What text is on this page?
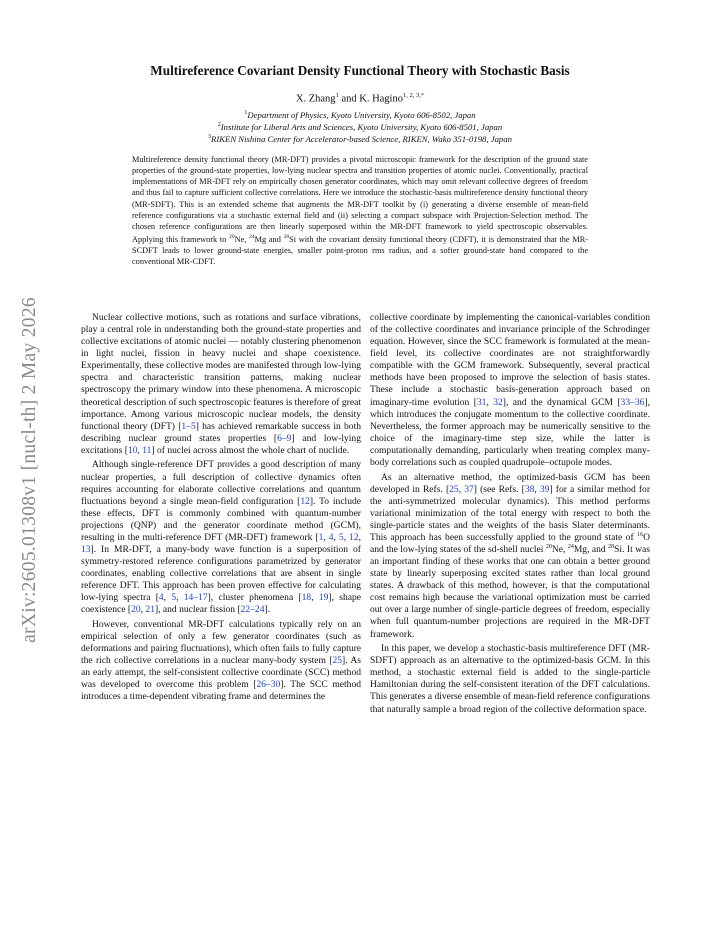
arXiv:2605.01308v1 [nucl-th] 2 May 2026
Multireference Covariant Density Functional Theory with Stochastic Basis
X. Zhang$^1$ and K. Hagino$^{1, 2, 3,*}$
$^1$Department of Physics, Kyoto University, Kyoto 606-8502, Japan
$^2$Institute for Liberal Arts and Sciences, Kyoto University, Kyoto 606-8501, Japan
$^3$RIKEN Nishina Center for Accelerator-based Science, RIKEN, Wako 351-0198, Japan
Multireference density functional theory (MR-DFT) provides a pivotal microscopic framework for the description of the ground state properties of the ground-state properties, low-lying nuclear spectra and transition properties of atomic nuclei. Conventionally, practical implementations of MR-DFT rely on empirically chosen generator coordinates, which may omit relevant collective degrees of freedom and thus fail to capture sufficient collective correlations. Here we introduce the stochastic-basis multireference density functional theory (MR-SDFT). This is an extended scheme that augments the MR-DFT toolkit by (i) generating a diverse ensemble of mean-field reference configurations via a stochastic external field and (ii) selecting a compact subspace with Projection-Selection method. The chosen reference configurations are then linearly superposed within the MR-DFT framework to yield spectroscopic observables. Applying this framework to $^{20}$Ne, $^{24}$Mg and $^{28}$Si with the covariant density functional theory (CDFT), it is demonstrated that the MR-SCDFT leads to lower ground-state energies, smaller point-proton rms radius, and a softer ground-state band compared to the conventional MR-CDFT.

Nuclear collective motions, such as rotations and surface vibrations, play a central role in understanding both the ground-state properties and collective excitations of atomic nuclei — notably clustering phenomenon in light nuclei, fission in heavy nuclei and shape coexistence. Experimentally, these collective modes are manifested through low-lying spectra and characteristic transition patterns, making nuclear spectroscopy the primary window into these phenomena. A microscopic theoretical description of such spectroscopic features is therefore of great importance. Among various microscopic nuclear models, the density functional theory (DFT) [1–5] has achieved remarkable success in both describing nuclear ground states properties [6–9] and low-lying excitations [10, 11] of nuclei across almost the whole chart of nuclide.

Although single-reference DFT provides a good description of many nuclear properties, a full description of collective dynamics often requires accounting for elaborate collective correlations and quantum fluctuations beyond a single mean-field configuration [12]. To include these effects, DFT is commonly combined with quantum-number projections (QNP) and the generator coordinate method (GCM), resulting in the multi-reference DFT (MR-DFT) framework [1, 4, 5, 12, 13]. In MR-DFT, a many-body wave function is a superposition of symmetry-restored reference configurations parametrized by generator coordinates, enabling collective correlations that are absent in single reference DFT. This approach has been proven effective for calculating low-lying spectra [4, 5, 14–17], cluster phenomena [18, 19], shape coexistence [20, 21], and nuclear fission [22–24].

However, conventional MR-DFT calculations typically rely on an empirical selection of only a few generator coordinates (such as deformations and pairing fluctuations), which often fails to fully capture the rich collective correlations in a nuclear many-body system [25]. As an early attempt, the self-consistent collective coordinate (SCC) method was developed to overcome this problem [26–30]. The SCC method introduces a time-dependent vibrating frame and determines the

collective coordinate by implementing the canonical-variables condition of the collective coordinates and invariance principle of the Schrodinger equation. However, since the SCC framework is formulated at the mean-field level, its collective coordinates are not straightforwardly compatible with the GCM framework. Subsequently, several practical methods have been proposed to improve the selection of basis states. These include a stochastic basis-generation approach based on imaginary-time evolution [31, 32], and the dynamical GCM [33–36], which introduces the conjugate momentum to the collective coordinate. Nevertheless, the former approach may be numerically sensitive to the choice of the imaginary-time step size, while the latter is computationally demanding, particularly when treating complex many-body correlations such as coupled quadrupole–octupole modes.

As an alternative method, the optimized-basis GCM has been developed in Refs. [25, 37] (see Refs. [38, 39] for a similar method for the anti-symmetrized molecular dynamics). This method performs variational minimization of the total energy with respect to both the single-particle states and the weights of the basis Slater determinants. This approach has been successfully applied to the ground state of $^{16}$O and the low-lying states of the sd-shell nuclei $^{20}$Ne, $^{24}$Mg, and $^{28}$Si. It was an important finding of these works that one can obtain a better ground state by linearly superposing excited states rather than local ground states. A drawback of this method, however, is that the computational cost remains high because the variational optimization must be carried out over a large number of single-particle degrees of freedom, especially when full quantum-number projections are required in the MR-DFT framework.

In this paper, we develop a stochastic-basis multireference DFT (MR-SDFT) approach as an alternative to the optimized-basis GCM. In this method, a stochastic external field is added to the single-particle Hamiltonian during the self-consistent iteration of the DFT calculations. This generates a diverse ensemble of mean-field reference configurations that naturally sample a broad region of the collective deformation space.
